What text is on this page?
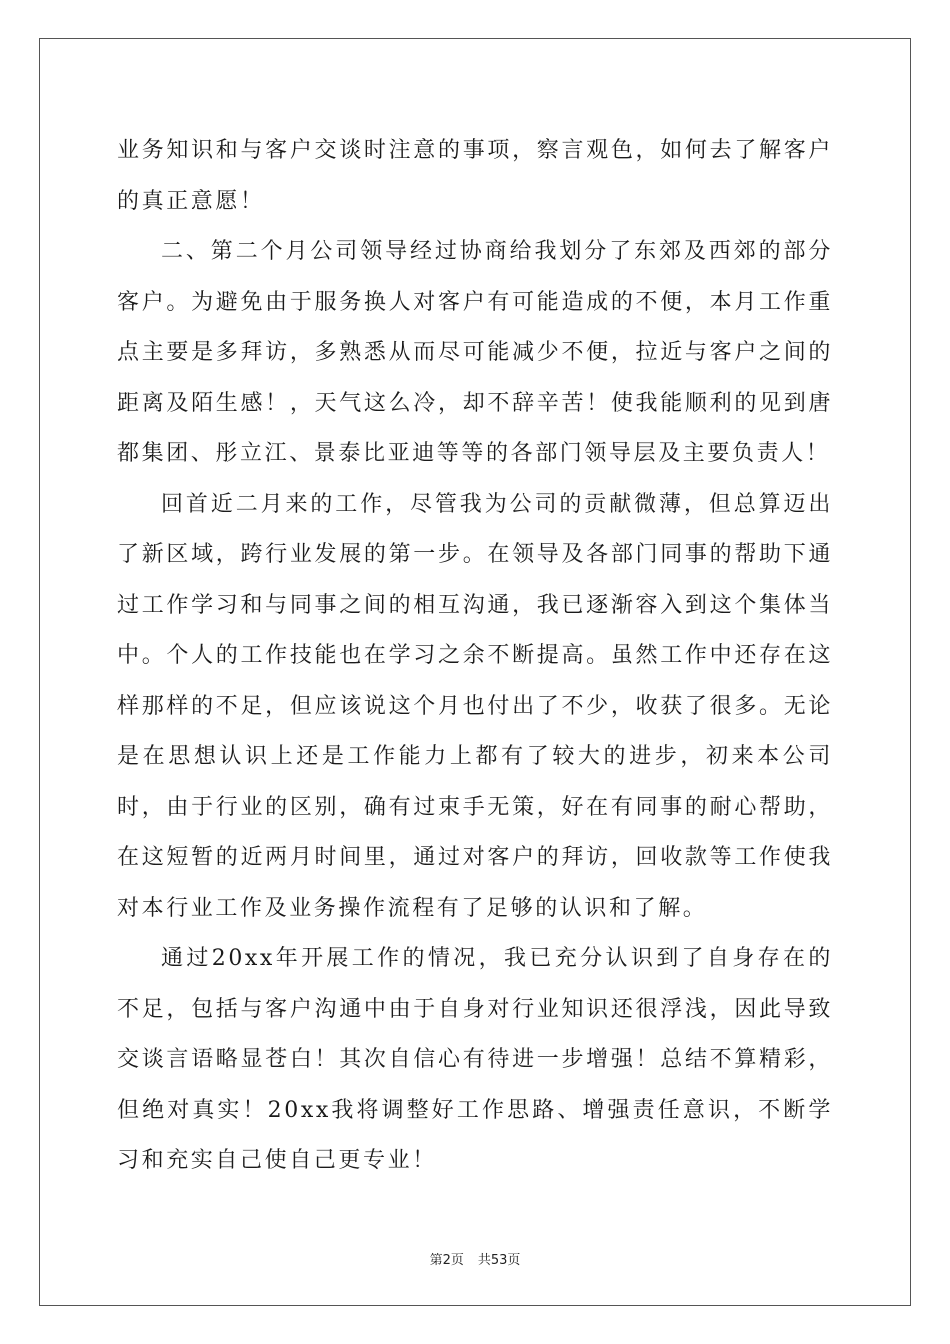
业务知识和与客户交谈时注意的事项，察言观色，如何去了解客户的真正意愿！

二、第二个月公司领导经过协商给我划分了东郊及西郊的部分客户。为避免由于服务换人对客户有可能造成的不便，本月工作重点主要是多拜访，多熟悉从而尽可能减少不便，拉近与客户之间的距离及陌生感！，天气这么冷，却不辞辛苦！使我能顺利的见到唐都集团、彤立江、景泰比亚迪等等的各部门领导层及主要负责人！

回首近二月来的工作，尽管我为公司的贡献微薄，但总算迈出了新区域，跨行业发展的第一步。在领导及各部门同事的帮助下通过工作学习和与同事之间的相互沟通，我已逐渐容入到这个集体当中。个人的工作技能也在学习之余不断提高。虽然工作中还存在这样那样的不足，但应该说这个月也付出了不少，收获了很多。无论是在思想认识上还是工作能力上都有了较大的进步，初来本公司时，由于行业的区别，确有过束手无策，好在有同事的耐心帮助，在这短暂的近两月时间里，通过对客户的拜访，回收款等工作使我对本行业工作及业务操作流程有了足够的认识和了解。

通过20xx年开展工作的情况，我已充分认识到了自身存在的不足，包括与客户沟通中由于自身对行业知识还很浮浅，因此导致交谈言语略显苍白！其次自信心有待进一步增强！总结不算精彩，但绝对真实！20xx我将调整好工作思路、增强责任意识，不断学习和充实自己使自己更专业！

第2页 共53页
